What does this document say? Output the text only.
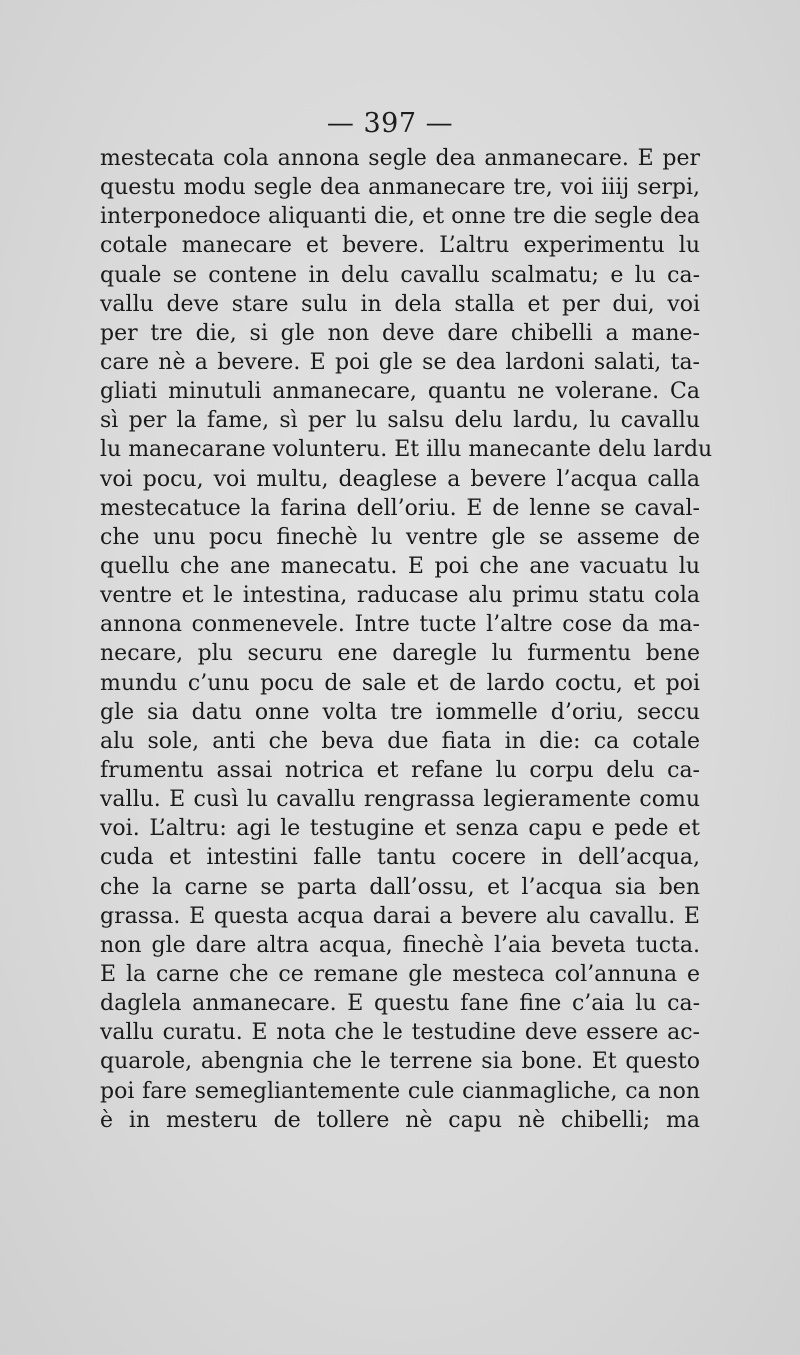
— 397 —
mestecata cola annona segle dea anmanecare. E per
questu modu segle dea anmanecare tre, voi iiij serpi,
interponedoce aliquanti die, et onne tre die segle dea
cotale manecare et bevere. L’altru experimentu lu
quale se contene in delu cavallu scalmatu; e lu ca-
vallu deve stare sulu in dela stalla et per dui, voi
per tre die, si gle non deve dare chibelli a mane-
care nè a bevere. E poi gle se dea lardoni salati, ta-
gliati minutuli anmanecare, quantu ne volerane. Ca
sì per la fame, sì per lu salsu delu lardu, lu cavallu
lu manecarane volunteru. Et illu manecante delu lardu
voi pocu, voi multu, deaglese a bevere l’acqua calla
mestecatuce la farina dell’oriu. E de lenne se caval-
che unu pocu finechè lu ventre gle se asseme de
quellu che ane manecatu. E poi che ane vacuatu lu
ventre et le intestina, raducase alu primu statu cola
annona conmenevele. Intre tucte l’altre cose da ma-
necare, plu securu ene daregle lu furmentu bene
mundu c’unu pocu de sale et de lardo coctu, et poi
gle sia datu onne volta tre iommelle d’oriu, seccu
alu sole, anti che beva due fiata in die: ca cotale
frumentu assai notrica et refane lu corpu delu ca-
vallu. E cusì lu cavallu rengrassa legieramente comu
voi. L’altru: agi le testugine et senza capu e pede et
cuda et intestini falle tantu cocere in dell’acqua,
che la carne se parta dall’ossu, et l’acqua sia ben
grassa. E questa acqua darai a bevere alu cavallu. E
non gle dare altra acqua, finechè l’aia beveta tucta.
E la carne che ce remane gle mesteca col’annuna e
daglela anmanecare. E questu fane fine c’aia lu ca-
vallu curatu. E nota che le testudine deve essere ac-
quarole, abengnia che le terrene sia bone. Et questo
poi fare semegliantemente cule cianmagliche, ca non
è in mesteru de tollere nè capu nè chibelli; ma
